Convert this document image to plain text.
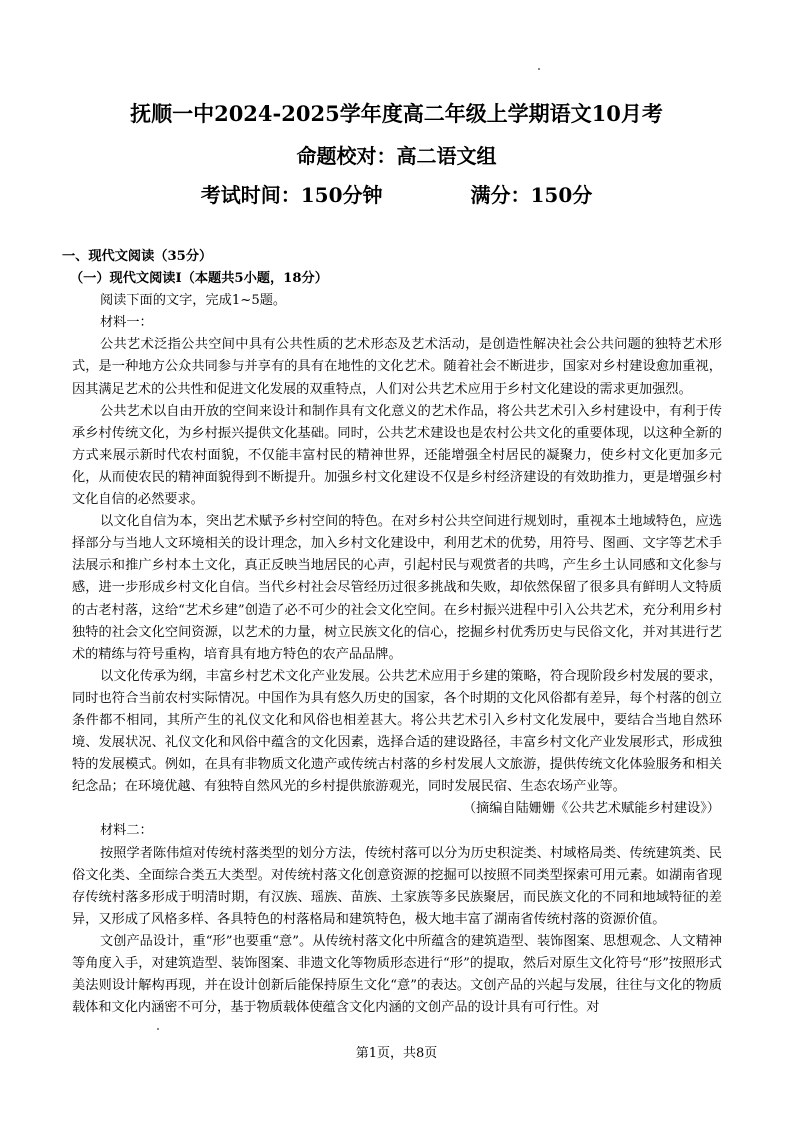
抚顺一中2024-2025学年度高二年级上学期语文10月考
命题校对：高二语文组
考试时间：150分钟	满分：150分

一、现代文阅读（35分）

（一）现代文阅读Ⅰ（本题共5小题，18分）

阅读下面的文字，完成1~5题。

材料一：

公共艺术泛指公共空间中具有公共性质的艺术形态及艺术活动，是创造性解决社会公共问题的独特艺术形式，是一种地方公众共同参与并享有的具有在地性的文化艺术。随着社会不断进步，国家对乡村建设愈加重视，因其满足艺术的公共性和促进文化发展的双重特点，人们对公共艺术应用于乡村文化建设的需求更加强烈。

公共艺术以自由开放的空间来设计和制作具有文化意义的艺术作品，将公共艺术引入乡村建设中，有利于传承乡村传统文化，为乡村振兴提供文化基础。同时，公共艺术建设也是农村公共文化的重要体现，以这种全新的方式来展示新时代农村面貌，不仅能丰富村民的精神世界，还能增强全村居民的凝聚力，使乡村文化更加多元化，从而使农民的精神面貌得到不断提升。加强乡村文化建设不仅是乡村经济建设的有效助推力，更是增强乡村文化自信的必然要求。

以文化自信为本，突出艺术赋予乡村空间的特色。在对乡村公共空间进行规划时，重视本土地域特色，应选择部分与当地人文环境相关的设计理念，加入乡村文化建设中，利用艺术的优势，用符号、图画、文字等艺术手法展示和推广乡村本土文化，真正反映当地居民的心声，引起村民与观赏者的共鸣，产生乡土认同感和文化参与感，进一步形成乡村文化自信。当代乡村社会尽管经历过很多挑战和失败，却依然保留了很多具有鲜明人文特质的古老村落，这给“艺术乡建”创造了必不可少的社会文化空间。在乡村振兴进程中引入公共艺术，充分利用乡村独特的社会文化空间资源，以艺术的力量，树立民族文化的信心，挖掘乡村优秀历史与民俗文化，并对其进行艺术的精练与符号重构，培育具有地方特色的农产品品牌。

以文化传承为纲，丰富乡村艺术文化产业发展。公共艺术应用于乡建的策略，符合现阶段乡村发展的要求，同时也符合当前农村实际情况。中国作为具有悠久历史的国家，各个时期的文化风俗都有差异，每个村落的创立条件都不相同，其所产生的礼仪文化和风俗也相差甚大。将公共艺术引入乡村文化发展中，要结合当地自然环境、发展状况、礼仪文化和风俗中蕴含的文化因素，选择合适的建设路径，丰富乡村文化产业发展形式，形成独特的发展模式。例如，在具有非物质文化遗产或传统古村落的乡村发展人文旅游，提供传统文化体验服务和相关纪念品；在环境优越、有独特自然风光的乡村提供旅游观光，同时发展民宿、生态农场产业等。

（摘编自陆姗姗《公共艺术赋能乡村建设》）

材料二：

按照学者陈伟煊对传统村落类型的划分方法，传统村落可以分为历史积淀类、村域格局类、传统建筑类、民俗文化类、全面综合类五大类型。对传统村落文化创意资源的挖掘可以按照不同类型探索可用元素。如湖南省现存传统村落多形成于明清时期，有汉族、瑶族、苗族、土家族等多民族聚居，而民族文化的不同和地域特征的差异，又形成了风格多样、各具特色的村落格局和建筑特色，极大地丰富了湖南省传统村落的资源价值。

文创产品设计，重“形”也要重“意”。从传统村落文化中所蕴含的建筑造型、装饰图案、思想观念、人文精神等角度入手，对建筑造型、装饰图案、非遗文化等物质形态进行“形”的提取，然后对原生文化符号“形”按照形式美法则设计解构再现，并在设计创新后能保持原生文化“意”的表达。文创产品的兴起与发展，往往与文化的物质载体和文化内涵密不可分，基于物质载体使蕴含文化内涵的文创产品的设计具有可行性。对

第1页，共8页
